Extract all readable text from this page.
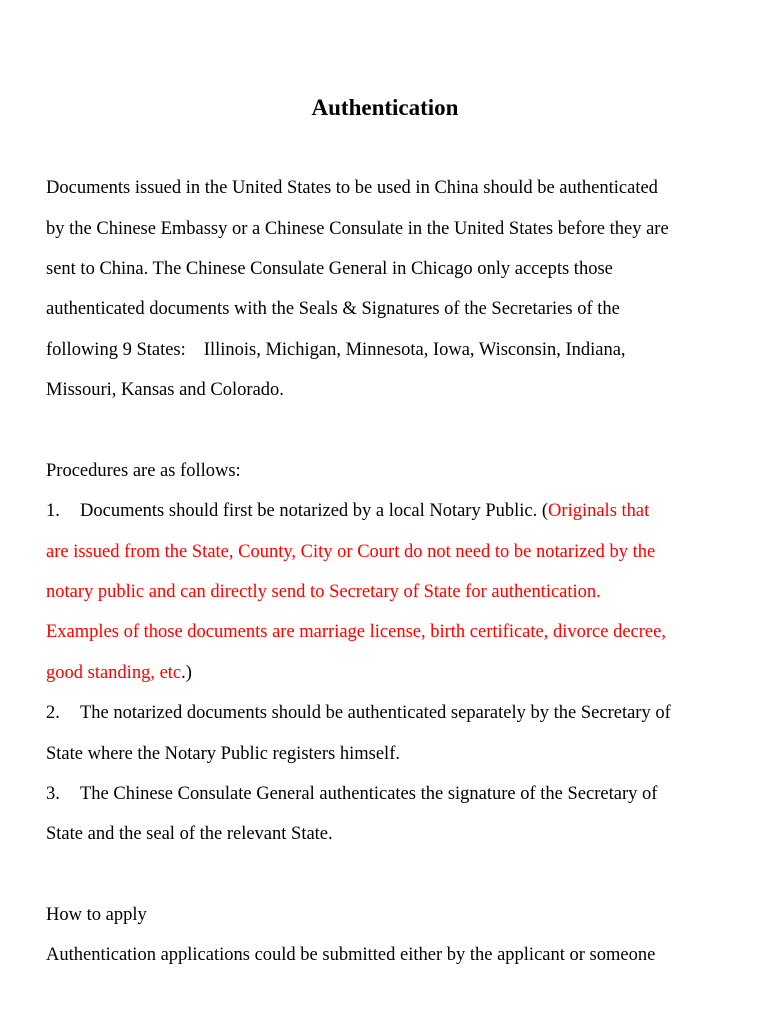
Authentication
Documents issued in the United States to be used in China should be authenticated
by the Chinese Embassy or a Chinese Consulate in the United States before they are
sent to China. The Chinese Consulate General in Chicago only accepts those
authenticated documents with the Seals & Signatures of the Secretaries of the
following 9 States: Illinois, Michigan, Minnesota, Iowa, Wisconsin, Indiana,
Missouri, Kansas and Colorado.
Procedures are as follows:
1. Documents should first be notarized by a local Notary Public. (Originals that
are issued from the State, County, City or Court do not need to be notarized by the
notary public and can directly send to Secretary of State for authentication.
Examples of those documents are marriage license, birth certificate, divorce decree,
good standing, etc.)
2. The notarized documents should be authenticated separately by the Secretary of
State where the Notary Public registers himself.
3. The Chinese Consulate General authenticates the signature of the Secretary of
State and the seal of the relevant State.
How to apply
Authentication applications could be submitted either by the applicant or someone
